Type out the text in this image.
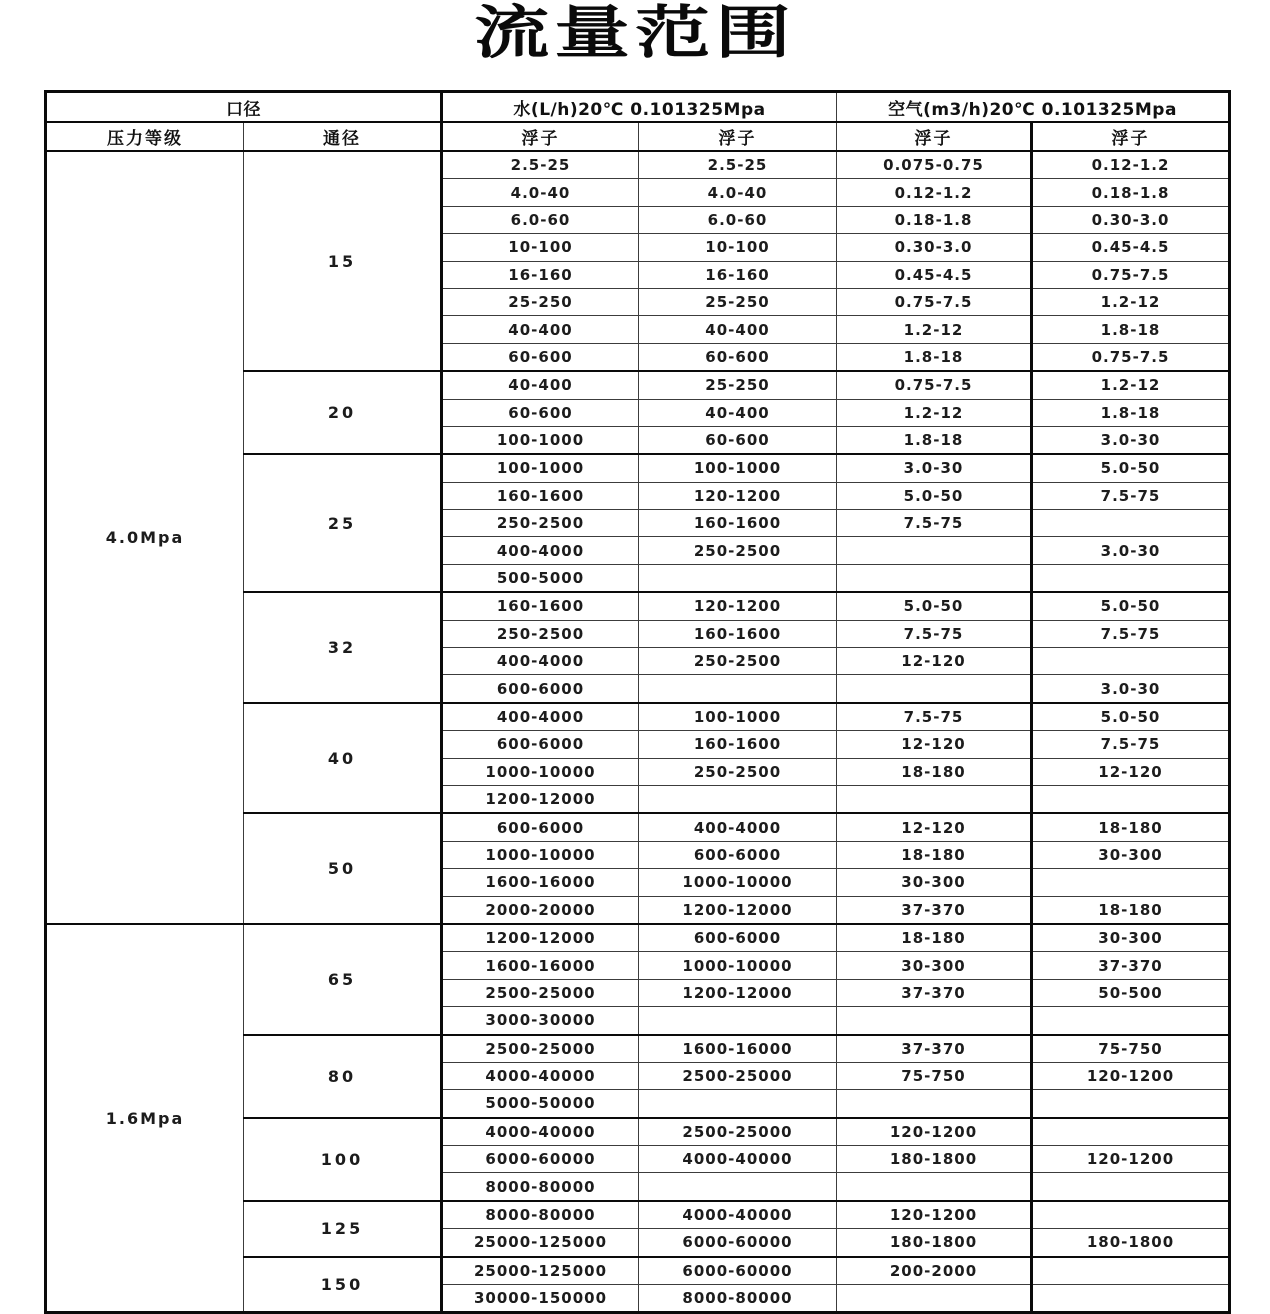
流量范围
口径		水(L/h)20℃ 0.101325Mpa		空气(m3/h)20℃ 0.101325Mpa	
压力等级	通径	浮子	浮子	浮子	浮子
4.0Mpa	15	2.5-25	2.5-25	0.075-0.75	0.12-1.2
		4.0-40	4.0-40	0.12-1.2	0.18-1.8
		6.0-60	6.0-60	0.18-1.8	0.30-3.0
		10-100	10-100	0.30-3.0	0.45-4.5
		16-160	16-160	0.45-4.5	0.75-7.5
		25-250	25-250	0.75-7.5	1.2-12
		40-400	40-400	1.2-12	1.8-18
		60-600	60-600	1.8-18	0.75-7.5
	20	40-400	25-250	0.75-7.5	1.2-12
		60-600	40-400	1.2-12	1.8-18
		100-1000	60-600	1.8-18	3.0-30
	25	100-1000	100-1000	3.0-30	5.0-50
		160-1600	120-1200	5.0-50	7.5-75
		250-2500	160-1600	7.5-75	
		400-4000	250-2500		3.0-30
		500-5000			
	32	160-1600	120-1200	5.0-50	5.0-50
		250-2500	160-1600	7.5-75	7.5-75
		400-4000	250-2500	12-120	
		600-6000			3.0-30
	40	400-4000	100-1000	7.5-75	5.0-50
		600-6000	160-1600	12-120	7.5-75
		1000-10000	250-2500	18-180	12-120
		1200-12000			
	50	600-6000	400-4000	12-120	18-180
		1000-10000	600-6000	18-180	30-300
		1600-16000	1000-10000	30-300	
		2000-20000	1200-12000	37-370	18-180
1.6Mpa	65	1200-12000	600-6000	18-180	30-300
		1600-16000	1000-10000	30-300	37-370
		2500-25000	1200-12000	37-370	50-500
		3000-30000			
	80	2500-25000	1600-16000	37-370	75-750
		4000-40000	2500-25000	75-750	120-1200
		5000-50000			
	100	4000-40000	2500-25000	120-1200	
		6000-60000	4000-40000	180-1800	120-1200
		8000-80000			
	125	8000-80000	4000-40000	120-1200	
		25000-125000	6000-60000	180-1800	180-1800
	150	25000-125000	6000-60000	200-2000	
		30000-150000	8000-80000		
